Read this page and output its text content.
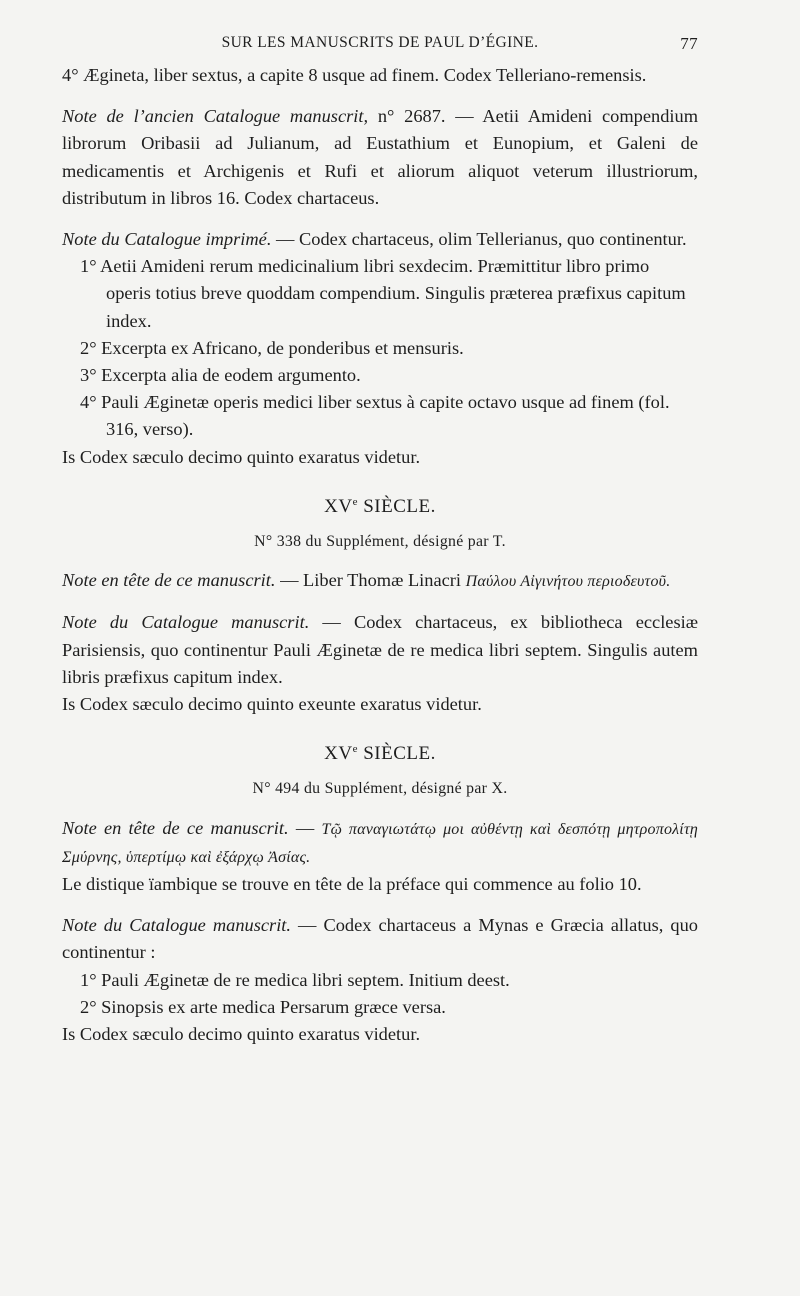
SUR LES MANUSCRITS DE PAUL D’ÉGINE.	77

4° Ægineta, liber sextus, a capite 8 usque ad finem. Codex Telleriano-remensis.

Note de l’ancien Catalogue manuscrit, n° 2687. — Aetii Amideni compendium librorum Oribasii ad Julianum, ad Eustathium et Eunopium, et Galeni de medicamentis et Archigenis et Rufi et aliorum aliquot veterum illustriorum, distributum in libros 16. Codex chartaceus.

Note du Catalogue imprimé. — Codex chartaceus, olim Tellerianus, quo continentur.

1° Aetii Amideni rerum medicinalium libri sexdecim. Præmittitur libro primo operis totius breve quoddam compendium. Singulis præterea præfixus capitum index.

2° Excerpta ex Africano, de ponderibus et mensuris.

3° Excerpta alia de eodem argumento.

4° Pauli Æginetæ operis medici liber sextus à capite octavo usque ad finem (fol. 316, verso).

Is Codex sæculo decimo quinto exaratus videtur.

XVe SIÈCLE.

N° 338 du Supplément, désigné par T.

Note en tête de ce manuscrit. — Liber Thomæ Linacri Παύλου Αἰγινήτου περιοδευτοῦ.

Note du Catalogue manuscrit. — Codex chartaceus, ex bibliotheca ecclesiæ Parisiensis, quo continentur Pauli Æginetæ de re medica libri septem. Singulis autem libris præfixus capitum index.

Is Codex sæculo decimo quinto exeunte exaratus videtur.

XVe SIÈCLE.

N° 494 du Supplément, désigné par X.

Note en tête de ce manuscrit. — Τῷ παναγιωτάτῳ μοι αὐθέντῃ καὶ δεσπότῃ μητροπολίτῃ Σμύρνης, ὑπερτίμῳ καὶ ἐξάρχῳ Ἀσίας.

Le distique ïambique se trouve en tête de la préface qui commence au folio 10.

Note du Catalogue manuscrit. — Codex chartaceus a Mynas e Græcia allatus, quo continentur :

1° Pauli Æginetæ de re medica libri septem. Initium deest.

2° Sinopsis ex arte medica Persarum græce versa.

Is Codex sæculo decimo quinto exaratus videtur.
